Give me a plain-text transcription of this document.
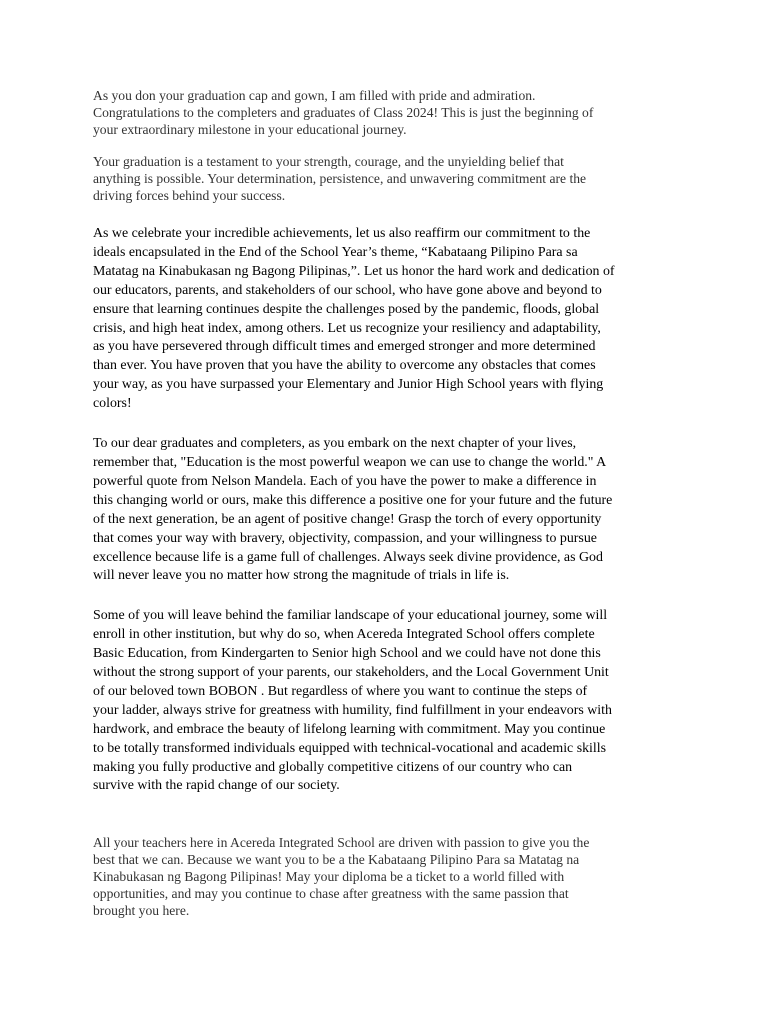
As you don your graduation cap and gown, I am filled with pride and admiration.
Congratulations to the completers and graduates of Class 2024! This is just the beginning of
your extraordinary milestone in your educational journey.

Your graduation is a testament to your strength, courage, and the unyielding belief that
anything is possible. Your determination, persistence, and unwavering commitment are the
driving forces behind your success.

As we celebrate your incredible achievements, let us also reaffirm our commitment to the
ideals encapsulated in the End of the School Year’s theme, “Kabataang Pilipino Para sa
Matatag na Kinabukasan ng Bagong Pilipinas,”. Let us honor the hard work and dedication of
our educators, parents, and stakeholders of our school, who have gone above and beyond to
ensure that learning continues despite the challenges posed by the pandemic, floods, global
crisis, and high heat index, among others. Let us recognize your resiliency and adaptability,
as you have persevered through difficult times and emerged stronger and more determined
than ever. You have proven that you have the ability to overcome any obstacles that comes
your way, as you have surpassed your Elementary and Junior High School years with flying
colors!

To our dear graduates and completers, as you embark on the next chapter of your lives,
remember that, "Education is the most powerful weapon we can use to change the world." A
powerful quote from Nelson Mandela. Each of you have the power to make a difference in
this changing world or ours, make this difference a positive one for your future and the future
of the next generation, be an agent of positive change! Grasp the torch of every opportunity
that comes your way with bravery, objectivity, compassion, and your willingness to pursue
excellence because life is a game full of challenges. Always seek divine providence, as God
will never leave you no matter how strong the magnitude of trials in life is.

Some of you will leave behind the familiar landscape of your educational journey, some will
enroll in other institution, but why do so, when Acereda Integrated School offers complete
Basic Education, from Kindergarten to Senior high School and we could have not done this
without the strong support of your parents, our stakeholders, and the Local Government Unit
of our beloved town BOBON . But regardless of where you want to continue the steps of
your ladder, always strive for greatness with humility, find fulfillment in your endeavors with
hardwork, and embrace the beauty of lifelong learning with commitment. May you continue
to be totally transformed individuals equipped with technical-vocational and academic skills
making you fully productive and globally competitive citizens of our country who can
survive with the rapid change of our society.

All your teachers here in Acereda Integrated School are driven with passion to give you the
best that we can. Because we want you to be a the Kabataang Pilipino Para sa Matatag na
Kinabukasan ng Bagong Pilipinas! May your diploma be a ticket to a world filled with
opportunities, and may you continue to chase after greatness with the same passion that
brought you here.
